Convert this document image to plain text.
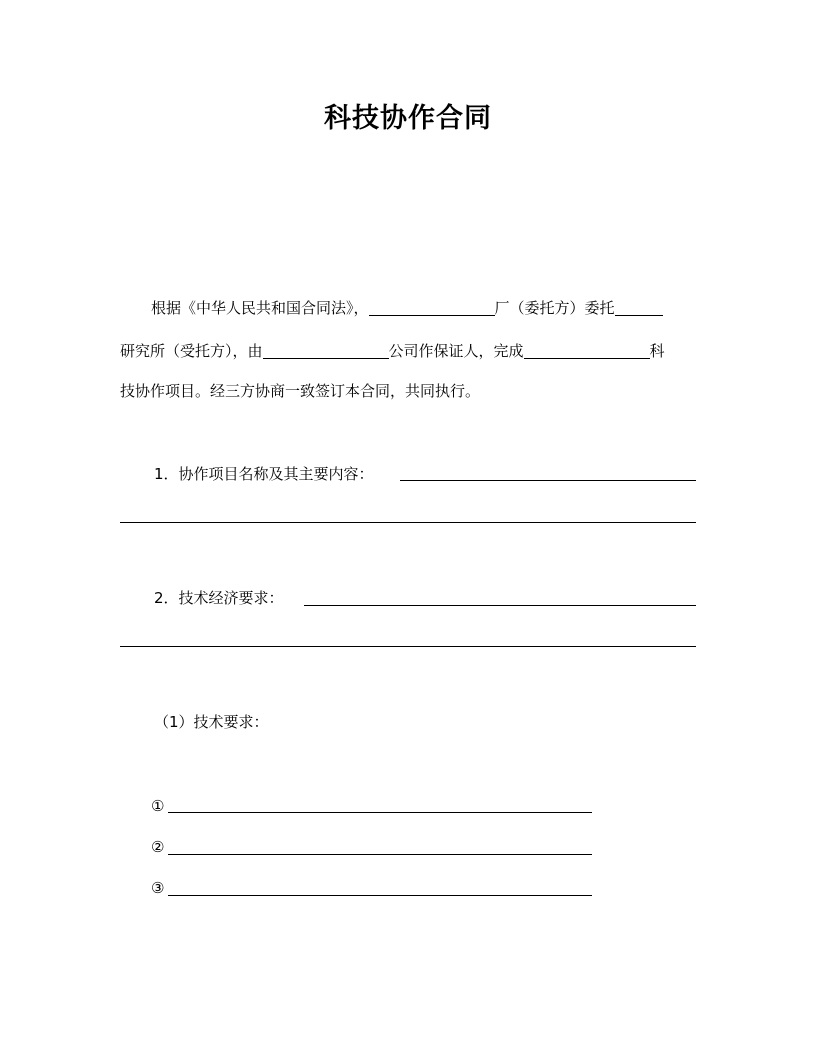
科技协作合同
根据《中华人民共和国合同法》，	厂（委托方）委托
研究所（受托方），由	公司作保证人，完成	科
技协作项目。经三方协商一致签订本合同，共同执行。
1．协作项目名称及其主要内容：
2．技术经济要求：
（1）技术要求：
①
②
③
